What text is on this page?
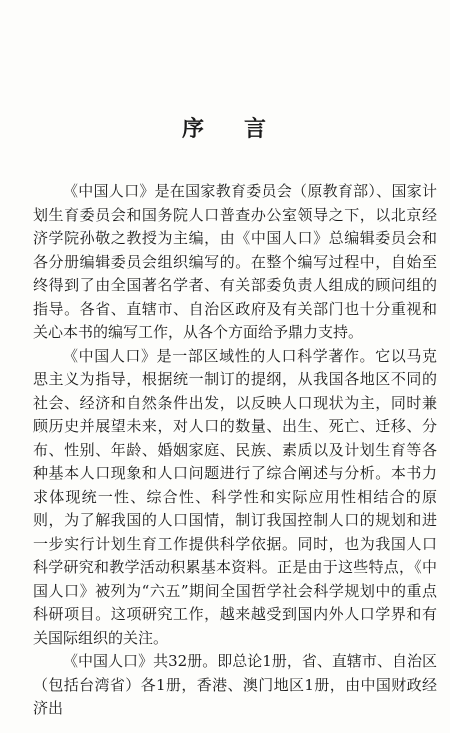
序 言

《中国人口》是在国家教育委员会（原教育部）、国家计划生育委员会和国务院人口普查办公室领导之下，以北京经济学院孙敬之教授为主编，由《中国人口》总编辑委员会和各分册编辑委员会组织编写的。在整个编写过程中，自始至终得到了由全国著名学者、有关部委负责人组成的顾问组的指导。各省、直辖市、自治区政府及有关部门也十分重视和关心本书的编写工作，从各个方面给予鼎力支持。

《中国人口》是一部区域性的人口科学著作。它以马克思主义为指导，根据统一制订的提纲，从我国各地区不同的社会、经济和自然条件出发，以反映人口现状为主，同时兼顾历史并展望未来，对人口的数量、出生、死亡、迁移、分布、性别、年龄、婚姻家庭、民族、素质以及计划生育等各种基本人口现象和人口问题进行了综合阐述与分析。本书力求体现统一性、综合性、科学性和实际应用性相结合的原则，为了解我国的人口国情，制订我国控制人口的规划和进一步实行计划生育工作提供科学依据。同时，也为我国人口科学研究和教学活动积累基本资料。正是由于这些特点，《中国人口》被列为“六五”期间全国哲学社会科学规划中的重点科研项目。这项研究工作，越来越受到国内外人口学界和有关国际组织的关注。

《中国人口》共32册。即总论1册，省、直辖市、自治区（包括台湾省）各1册，香港、澳门地区1册，由中国财政经济出
